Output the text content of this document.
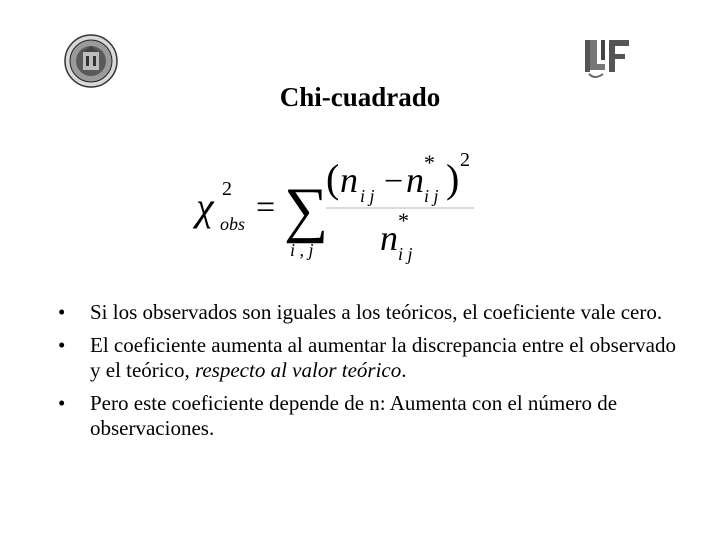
Chi-cuadrado
χ 2
obs = ∑
i , j
( n i j − n *
i j ) 2
n *
i j
• Si los observados son iguales a los teóricos, el coeficiente vale cero.
• El coeficiente aumenta al aumentar la discrepancia entre el observado y el teórico, respecto al valor teórico.
• Pero este coeficiente depende de n: Aumenta con el número de observaciones.
